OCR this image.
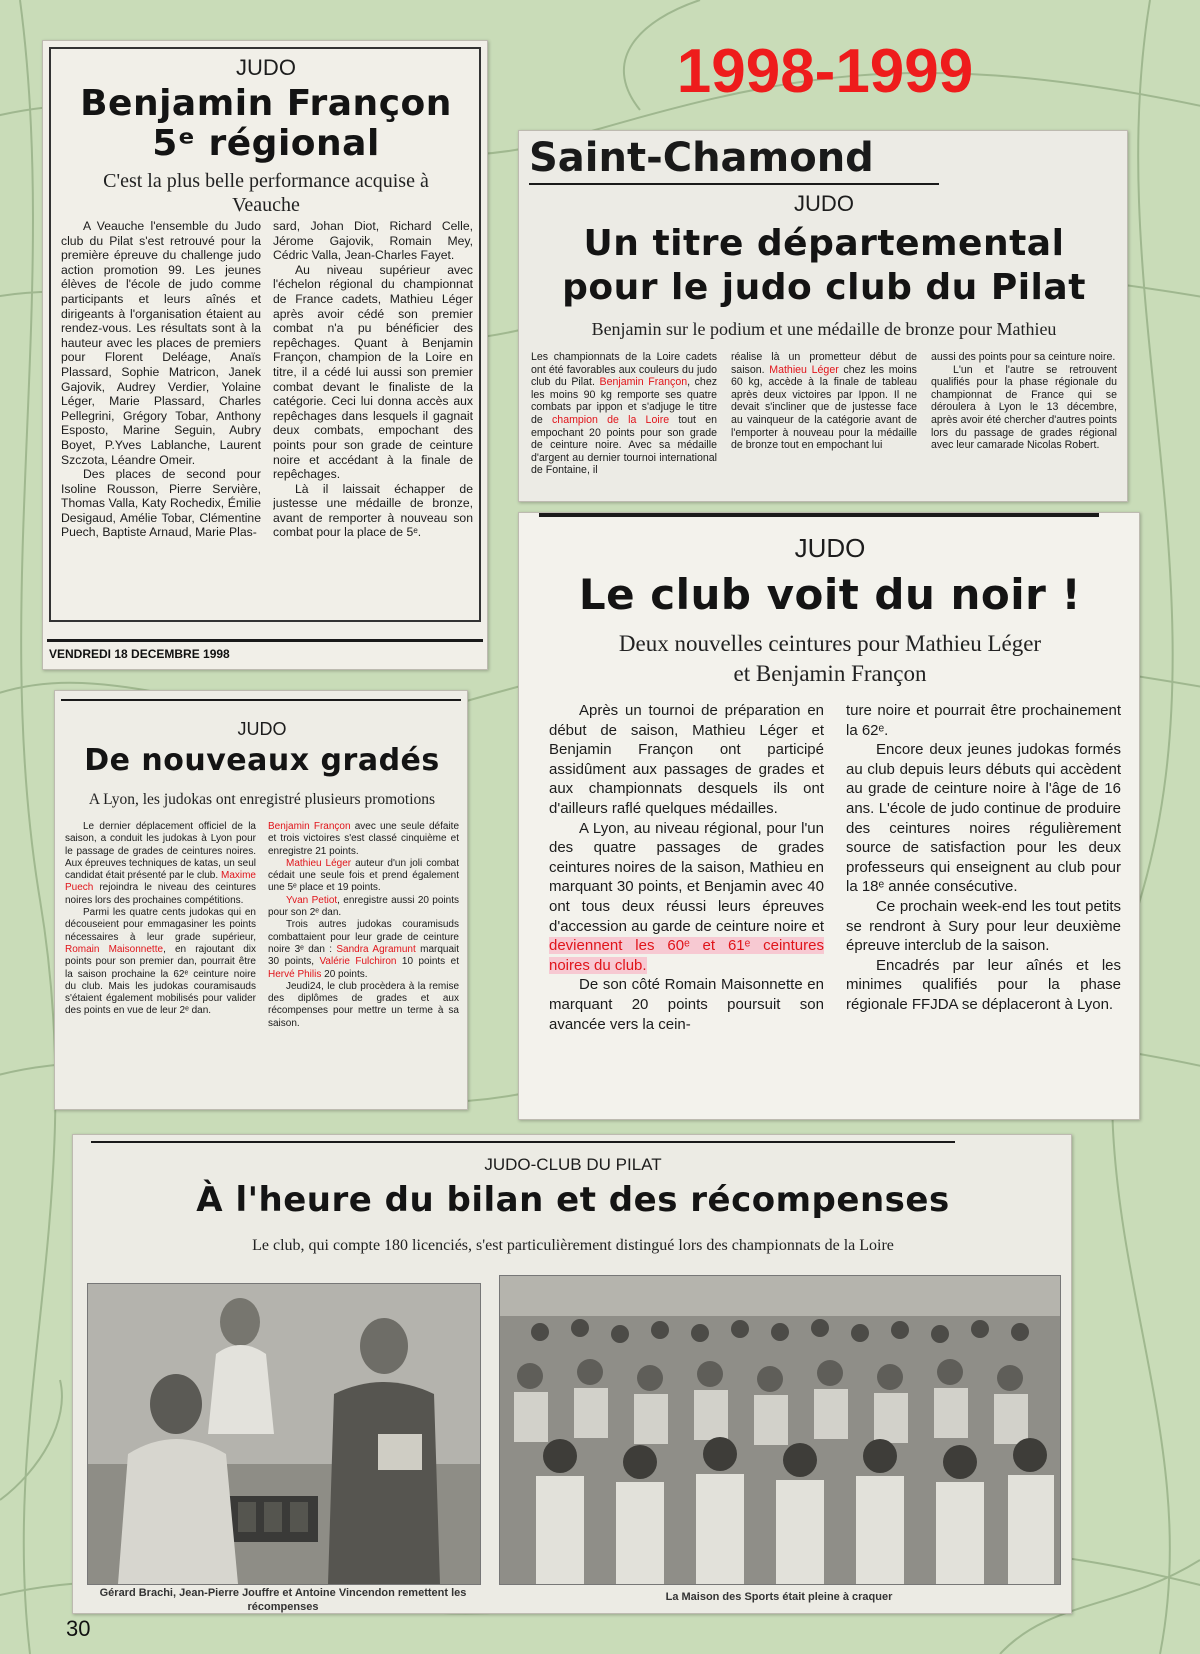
1998-1999

JUDO

Benjamin Françon

5ᵉ régional

C'est la plus belle performance acquise à Veauche

A Veauche l'ensemble du Judo club du Pilat s'est retrouvé pour la première épreuve du challenge judo action promotion 99. Les jeunes élèves de l'école de judo comme participants et leurs aînés et dirigeants à l'organisation étaient au rendez-vous. Les résultats sont à la hauteur avec les places de premiers pour Florent Deléage, Anaïs Plassard, Sophie Matricon, Janek Gajovik, Audrey Verdier, Yolaine Léger, Marie Plassard, Charles Pellegrini, Grégory Tobar, Anthony Esposto, Marine Seguin, Aubry Boyet, P.Yves Lablanche, Laurent Szczota, Léandre Omeir.

Des places de second pour Isoline Rousson, Pierre Servière, Thomas Valla, Katy Rochedix, Émilie Desigaud, Amélie Tobar, Clémentine Puech, Baptiste Arnaud, Marie Plas-

sard, Johan Diot, Richard Celle, Jérome Gajovik, Romain Mey, Cédric Valla, Jean-Charles Fayet.

Au niveau supérieur avec l'échelon régional du championnat de France cadets, Mathieu Léger après avoir cédé son premier combat n'a pu bénéficier des repêchages. Quant à Benjamin Françon, champion de la Loire en titre, il a cédé lui aussi son premier combat devant le finaliste de la catégorie. Ceci lui donna accès aux repêchages dans lesquels il gagnait deux combats, empochant des points pour son grade de ceinture noire et accédant à la finale de repêchages.

Là il laissait échapper de justesse une médaille de bronze, avant de remporter à nouveau son combat pour la place de 5ᵉ.

VENDREDI 18 DECEMBRE 1998
Saint-Chamond

JUDO

Un titre départemental

pour le judo club du Pilat

Benjamin sur le podium et une médaille de bronze pour Mathieu

Les championnats de la Loire cadets ont été favorables aux couleurs du judo club du Pilat. Benjamin Françon, chez les moins 90 kg remporte ses quatre combats par ippon et s'adjuge le titre de champion de la Loire tout en empochant 20 points pour son grade de ceinture noire. Avec sa médaille d'argent au dernier tournoi international de Fontaine, il

réalise là un prometteur début de saison. Mathieu Léger chez les moins 60 kg, accède à la finale de tableau après deux victoires par Ippon. Il ne devait s'incliner que de justesse face au vainqueur de la catégorie avant de l'emporter à nouveau pour la médaille de bronze tout en empochant lui

aussi des points pour sa ceinture noire.

L'un et l'autre se retrouvent qualifiés pour la phase régionale du championnat de France qui se déroulera à Lyon le 13 décembre, après avoir été chercher d'autres points lors du passage de grades régional avec leur camarade Nicolas Robert.

JUDO

De nouveaux gradés

A Lyon, les judokas ont enregistré plusieurs promotions

Le dernier déplacement officiel de la saison, a conduit les judokas à Lyon pour le passage de grades de ceintures noires. Aux épreuves techniques de katas, un seul candidat était présenté par le club. Maxime Puech rejoindra le niveau des ceintures noires lors des prochaines compétitions.

Parmi les quatre cents judokas qui en découseient pour emmagasiner les points nécessaires à leur grade supérieur, Romain Maisonnette, en rajoutant dix points pour son premier dan, pourrait être la saison prochaine la 62ᵉ ceinture noire du club. Mais les judokas couramisauds s'étaient également mobilisés pour valider des points en vue de leur 2ᵉ dan.

Benjamin Françon avec une seule défaite et trois victoires s'est classé cinquième et enregistre 21 points.

Mathieu Léger auteur d'un joli combat cédait une seule fois et prend également une 5ᵉ place et 19 points.

Yvan Petiot, enregistre aussi 20 points pour son 2ᵉ dan.

Trois autres judokas couramisuds combattaient pour leur grade de ceinture noire 3ᵉ dan : Sandra Agramunt marquait 30 points, Valérie Fulchiron 10 points et Hervé Philis 20 points.

Jeudi24, le club procèdera à la remise des diplômes de grades et aux récompenses pour mettre un terme à sa saison.

JUDO

Le club voit du noir !

Deux nouvelles ceintures pour Mathieu Léger

et Benjamin Françon

Après un tournoi de préparation en début de saison, Mathieu Léger et Benjamin Françon ont participé assidûment aux passages de grades et aux championnats desquels ils ont d'ailleurs raflé quelques médailles.

A Lyon, au niveau régional, pour l'un des quatre passages de grades ceintures noires de la saison, Mathieu en marquant 30 points, et Benjamin avec 40 ont tous deux réussi leurs épreuves d'accession au garde de ceinture noire et deviennent les 60ᵉ et 61ᵉ ceintures noires du club.

De son côté Romain Maisonnette en marquant 20 points poursuit son avancée vers la cein-

ture noire et pourrait être prochainement la 62ᵉ.

Encore deux jeunes judokas formés au club depuis leurs débuts qui accèdent au grade de ceinture noire à l'âge de 16 ans. L'école de judo continue de produire des ceintures noires régulièrement source de satisfaction pour les deux professeurs qui enseignent au club pour la 18ᵉ année consécutive.

Ce prochain week-end les tout petits se rendront à Sury pour leur deuxième épreuve interclub de la saison.

Encadrés par leur aînés et les minimes qualifiés pour la phase régionale FFJDA se déplaceront à Lyon.

JUDO-CLUB DU PILAT

À l'heure du bilan et des récompenses

Le club, qui compte 180 licenciés, s'est particulièrement distingué lors des championnats de la Loire

Gérard Brachi, Jean-Pierre Jouffre et Antoine Vincendon remettent les récompenses
La Maison des Sports était pleine à craquer
30
